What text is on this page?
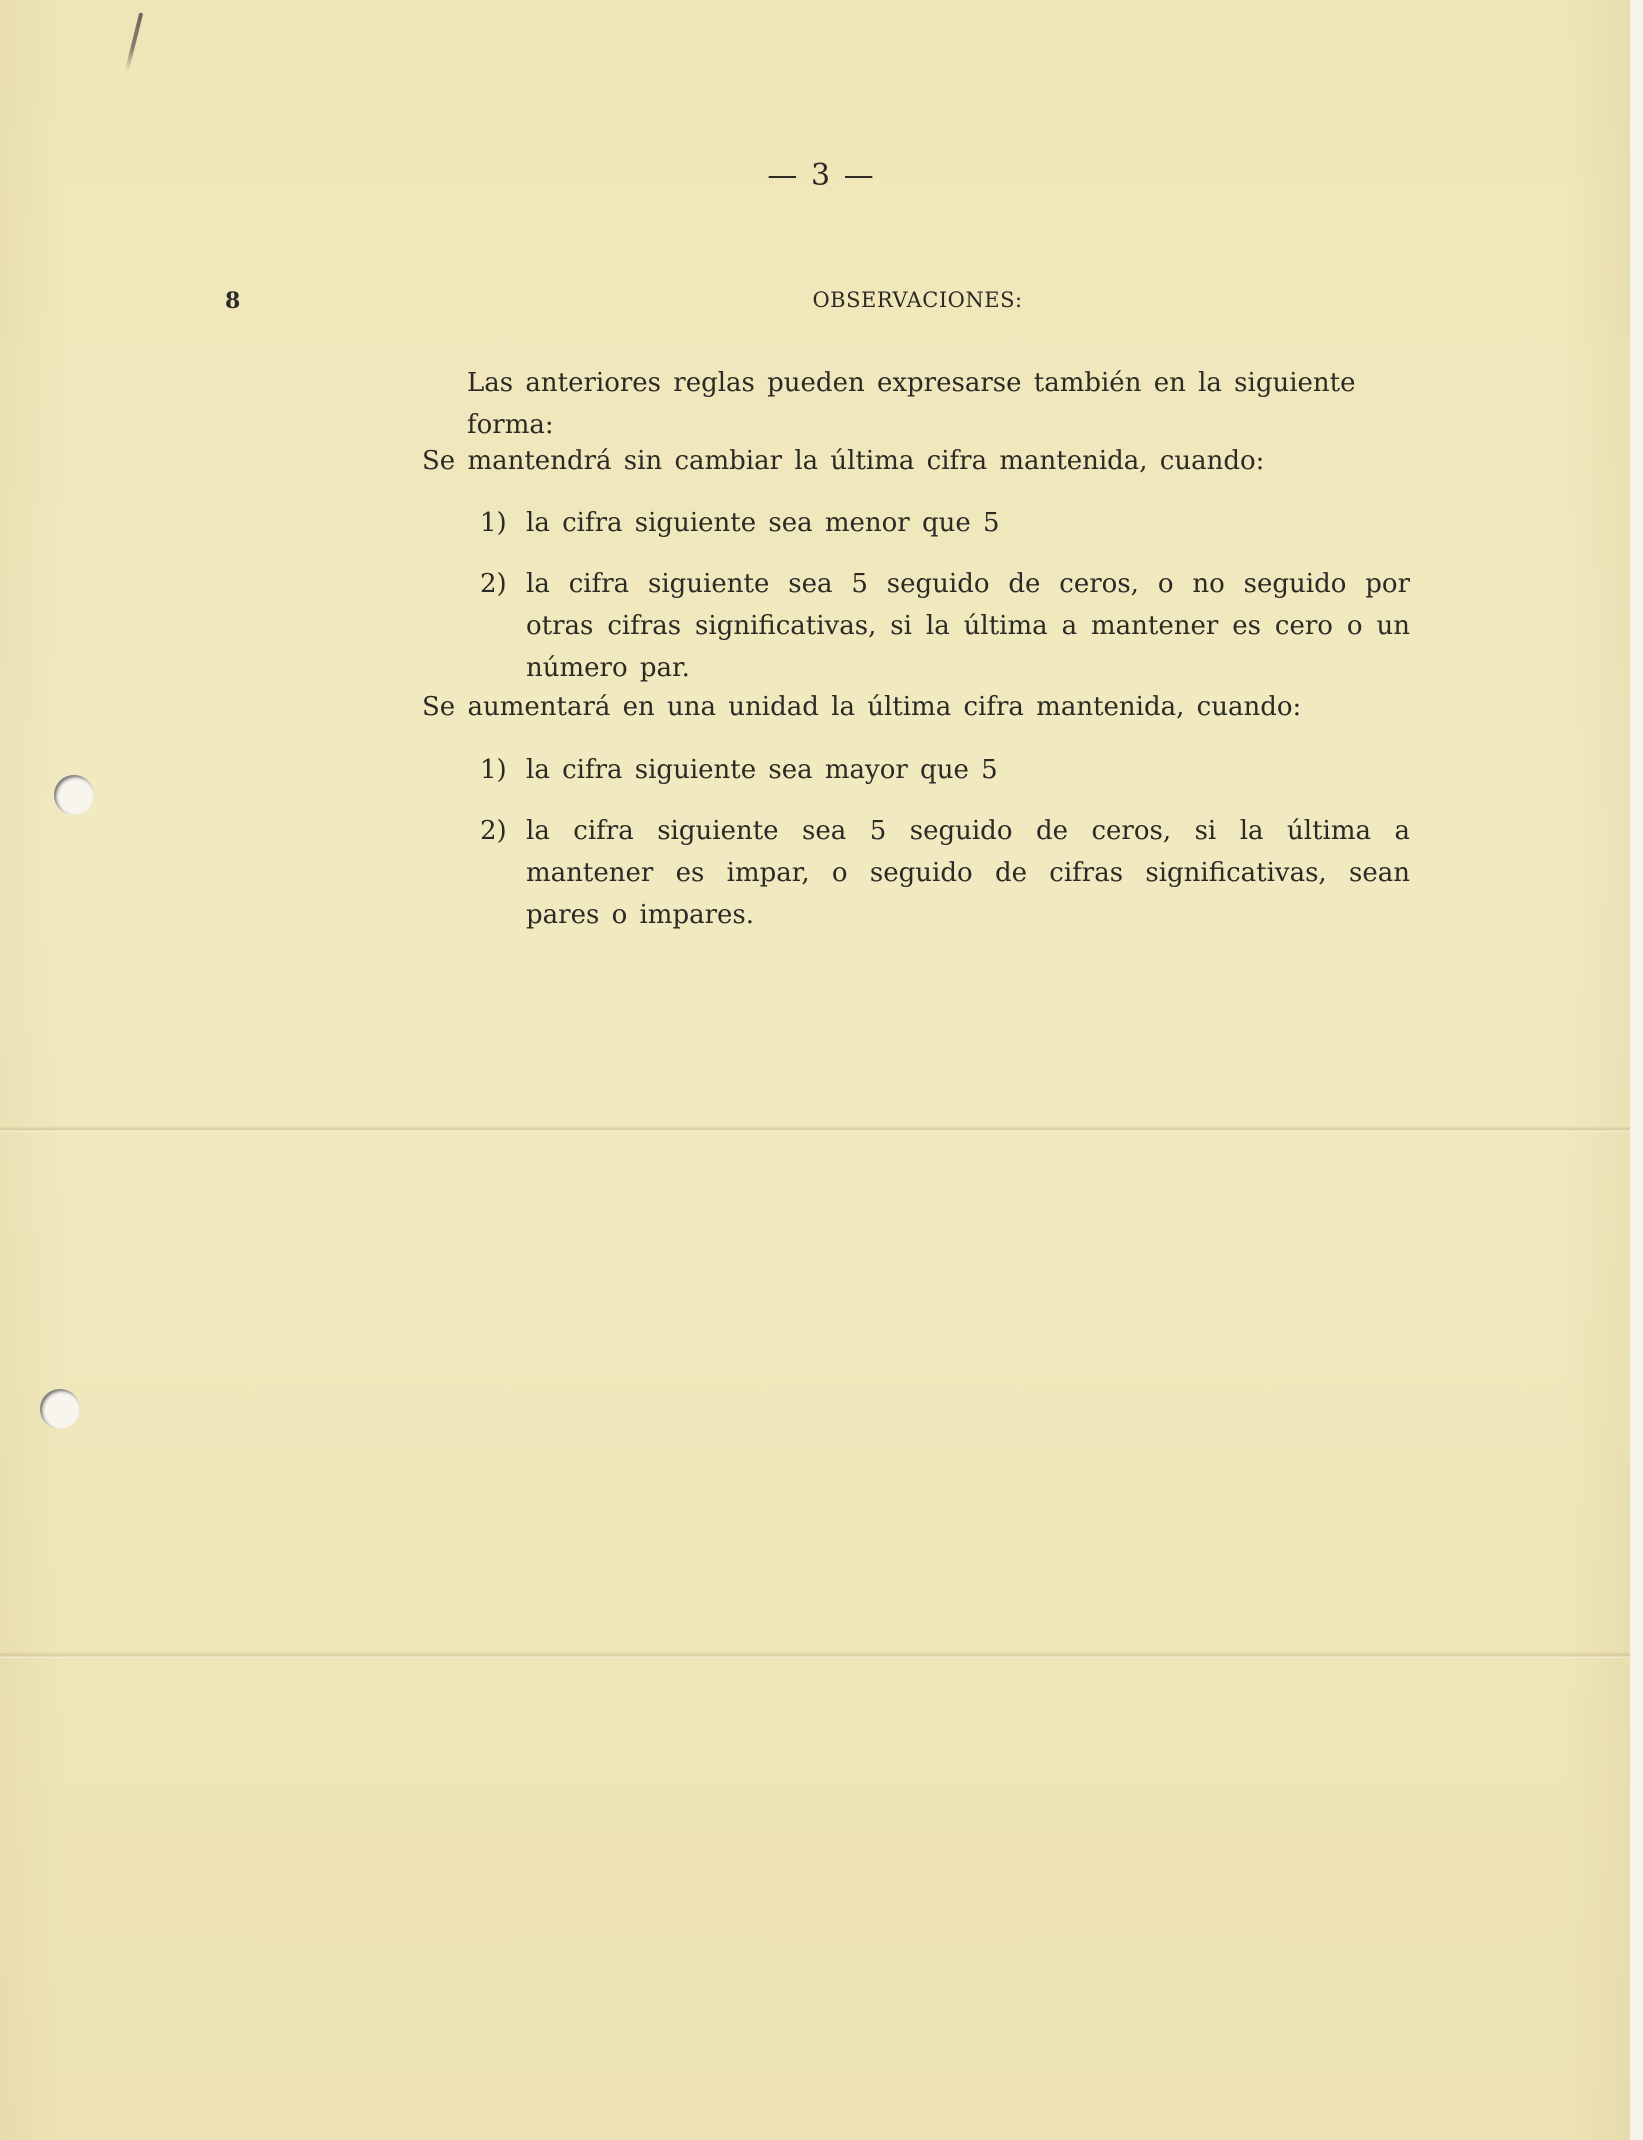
— 3 —
8	OBSERVACIONES:
Las anteriores reglas pueden expresarse también en la siguiente forma:
Se mantendrá sin cambiar la última cifra mantenida, cuando:
1) la cifra siguiente sea menor que 5
2) la cifra siguiente sea 5 seguido de ceros, o no seguido por otras cifras significativas, si la última a mantener es cero o un número par.
Se aumentará en una unidad la última cifra mantenida, cuando:
1) la cifra siguiente sea mayor que 5
2) la cifra siguiente sea 5 seguido de ceros, si la última a mantener es impar, o seguido de cifras significativas, sean pares o impares.
